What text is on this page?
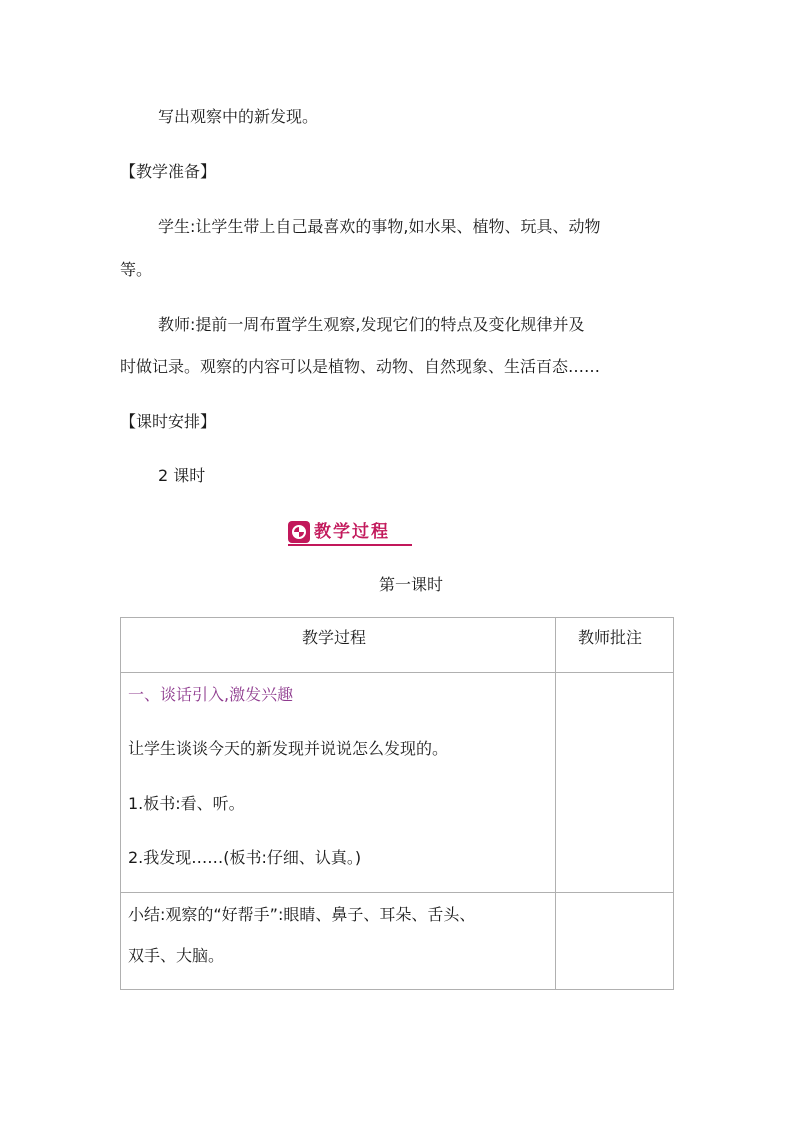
写出观察中的新发现。
【教学准备】
学生:让学生带上自己最喜欢的事物,如水果、植物、玩具、动物
等。
教师:提前一周布置学生观察,发现它们的特点及变化规律并及
时做记录。观察的内容可以是植物、动物、自然现象、生活百态……
【课时安排】
2 课时
教学过程
第一课时
教学过程	教师批注
一、谈话引入,激发兴趣
让学生谈谈今天的新发现并说说怎么发现的。
1.板书:看、听。
2.我发现……(板书:仔细、认真。)
小结:观察的“好帮手”:眼睛、鼻子、耳朵、舌头、
双手、大脑。
